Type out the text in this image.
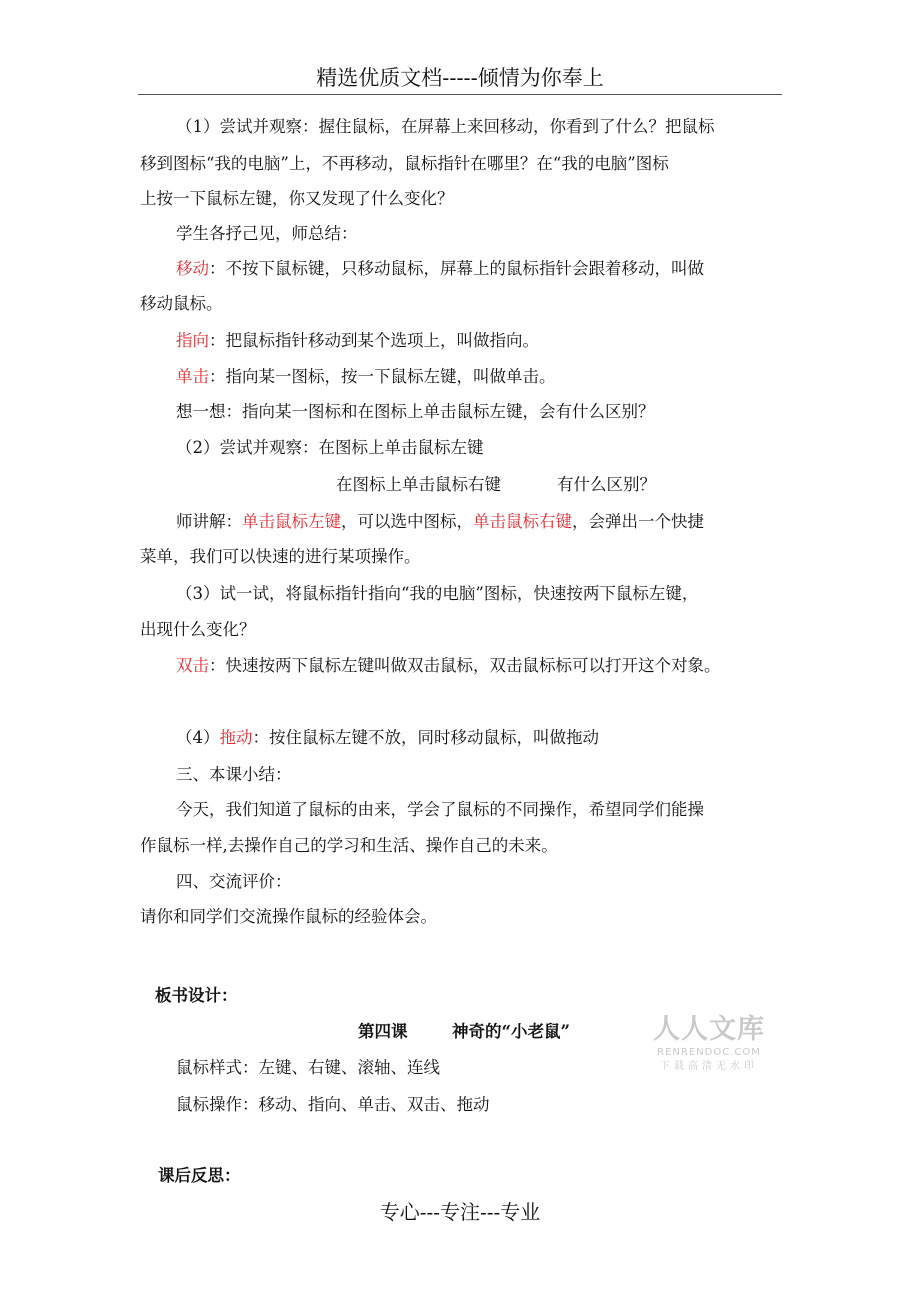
精选优质文档-----倾情为你奉上
（1）尝试并观察：握住鼠标，在屏幕上来回移动，你看到了什么？把鼠标
移到图标“我的电脑”上，不再移动，鼠标指针在哪里？在“我的电脑”图标
上按一下鼠标左键，你又发现了什么变化？
学生各抒己见，师总结：
移动：不按下鼠标键，只移动鼠标，屏幕上的鼠标指针会跟着移动，叫做
移动鼠标。
指向：把鼠标指针移动到某个选项上，叫做指向。
单击：指向某一图标，按一下鼠标左键，叫做单击。
想一想：指向某一图标和在图标上单击鼠标左键，会有什么区别？
（2）尝试并观察：在图标上单击鼠标左键
在图标上单击鼠标右键	有什么区别？
师讲解：单击鼠标左键，可以选中图标，单击鼠标右键，会弹出一个快捷
菜单，我们可以快速的进行某项操作。
（3）试一试，将鼠标指针指向“我的电脑”图标，快速按两下鼠标左键，
出现什么变化？
双击：快速按两下鼠标左键叫做双击鼠标，双击鼠标标可以打开这个对象。
（4）拖动：按住鼠标左键不放，同时移动鼠标，叫做拖动
三、本课小结：
今天，我们知道了鼠标的由来，学会了鼠标的不同操作，希望同学们能操
作鼠标一样,去操作自己的学习和生活、操作自己的未来。
四、交流评价：
请你和同学们交流操作鼠标的经验体会。
板书设计：
第四课	神奇的“小老鼠”
鼠标样式：左键、右键、滚轴、连线
鼠标操作：移动、指向、单击、双击、拖动
课后反思：
专心---专注---专业
人人文库
RENRENDOC.COM
下载高清无水印
